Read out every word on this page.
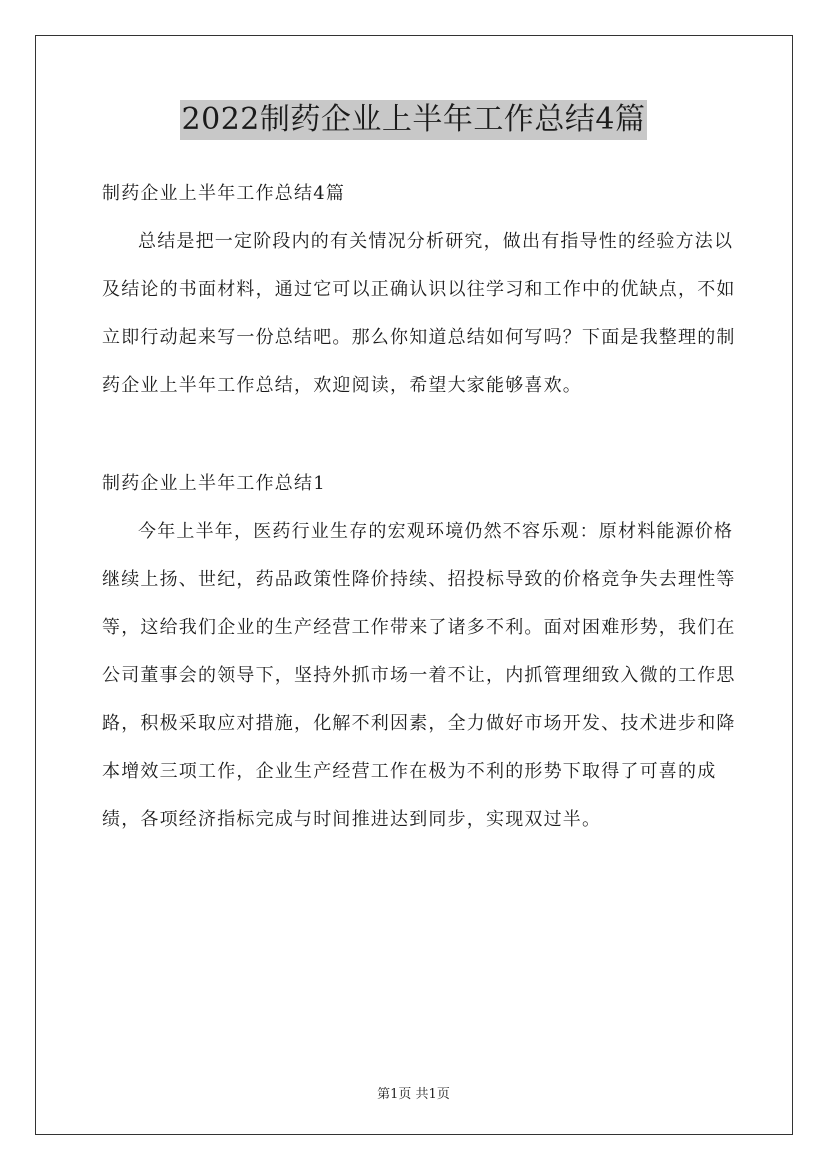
2022制药企业上半年工作总结4篇

制药企业上半年工作总结4篇

总结是把一定阶段内的有关情况分析研究，做出有指导性的经验方法以及结论的书面材料，通过它可以正确认识以往学习和工作中的优缺点，不如立即行动起来写一份总结吧。那么你知道总结如何写吗？下面是我整理的制药企业上半年工作总结，欢迎阅读，希望大家能够喜欢。

制药企业上半年工作总结1

今年上半年，医药行业生存的宏观环境仍然不容乐观：原材料能源价格继续上扬、世纪，药品政策性降价持续、招投标导致的价格竞争失去理性等等，这给我们企业的生产经营工作带来了诸多不利。面对困难形势，我们在公司董事会的领导下，坚持外抓市场一着不让，内抓管理细致入微的工作思路，积极采取应对措施，化解不利因素，全力做好市场开发、技术进步和降本增效三项工作，企业生产经营工作在极为不利的形势下取得了可喜的成绩，各项经济指标完成与时间推进达到同步，实现双过半。

第1页 共1页
